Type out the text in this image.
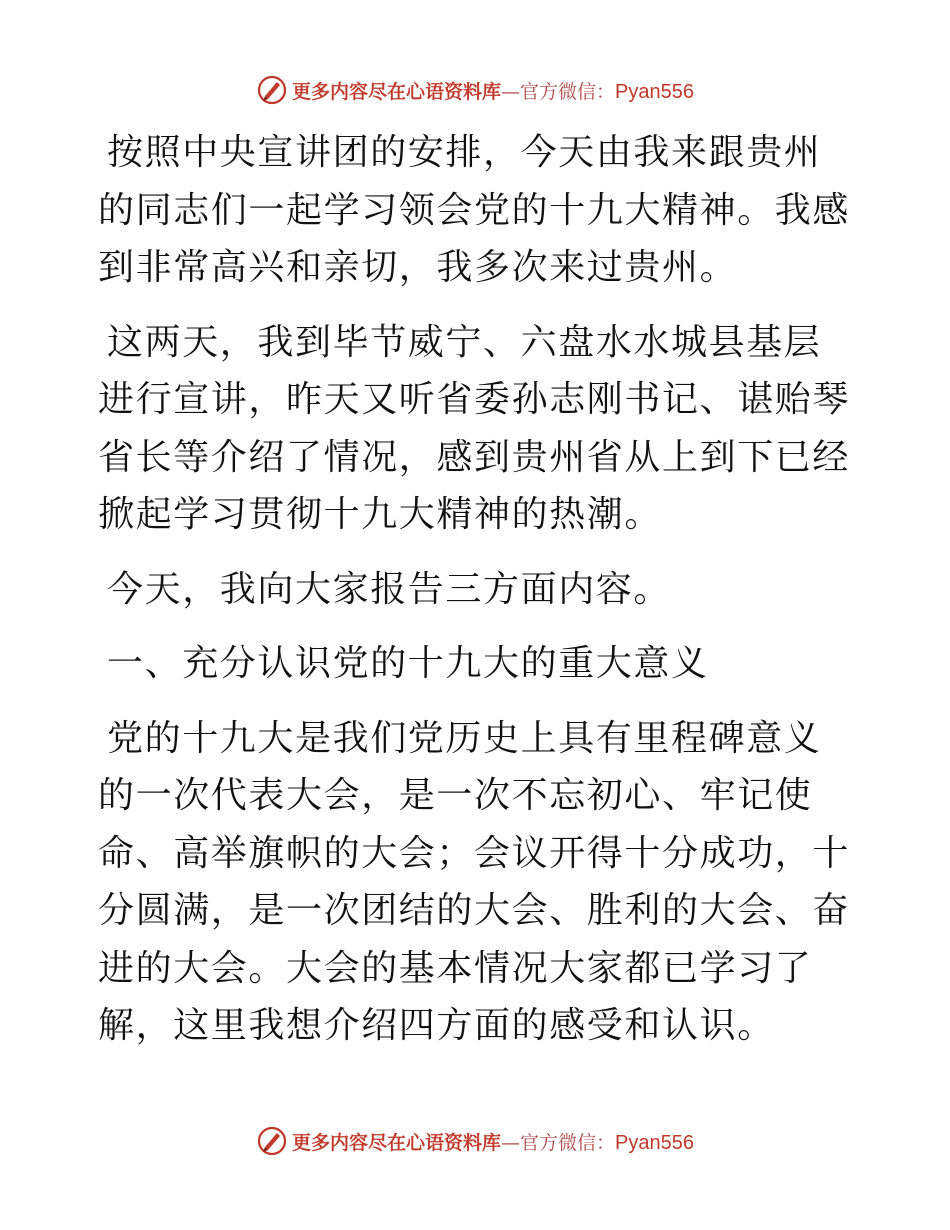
更多内容尽在心语资料库—官方微信：Pyan556

按照中央宣讲团的安排，今天由我来跟贵州的同志们一起学习领会党的十九大精神。我感到非常高兴和亲切，我多次来过贵州。

这两天，我到毕节威宁、六盘水水城县基层进行宣讲，昨天又听省委孙志刚书记、谌贻琴省长等介绍了情况，感到贵州省从上到下已经掀起学习贯彻十九大精神的热潮。

今天，我向大家报告三方面内容。

一、充分认识党的十九大的重大意义

党的十九大是我们党历史上具有里程碑意义的一次代表大会，是一次不忘初心、牢记使命、高举旗帜的大会；会议开得十分成功，十分圆满，是一次团结的大会、胜利的大会、奋进的大会。大会的基本情况大家都已学习了解，这里我想介绍四方面的感受和认识。

更多内容尽在心语资料库—官方微信：Pyan556
